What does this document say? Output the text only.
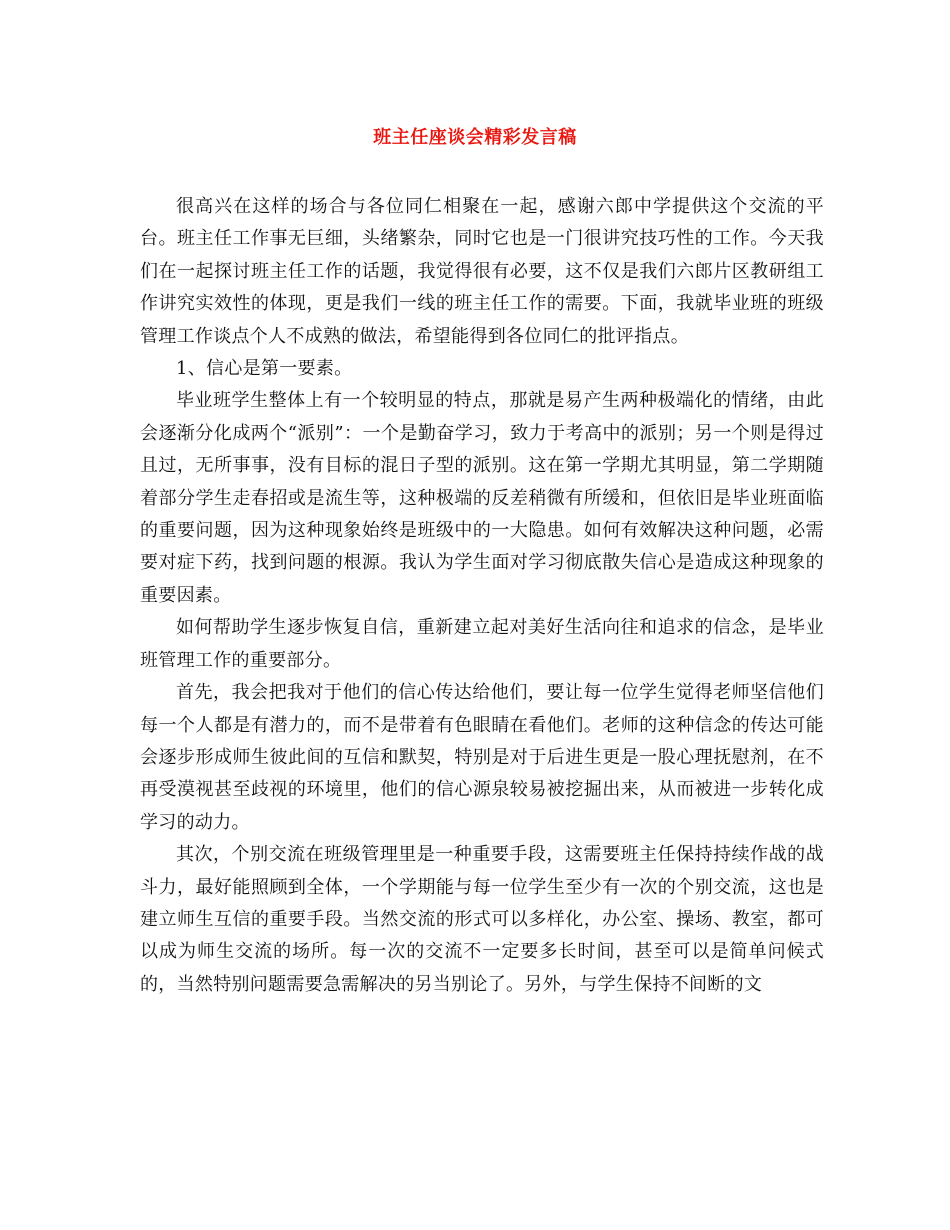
班主任座谈会精彩发言稿

很高兴在这样的场合与各位同仁相聚在一起，感谢六郎中学提供这个交流的平台。班主任工作事无巨细，头绪繁杂，同时它也是一门很讲究技巧性的工作。今天我们在一起探讨班主任工作的话题，我觉得很有必要，这不仅是我们六郎片区教研组工作讲究实效性的体现，更是我们一线的班主任工作的需要。下面，我就毕业班的班级管理工作谈点个人不成熟的做法，希望能得到各位同仁的批评指点。

1、信心是第一要素。

毕业班学生整体上有一个较明显的特点，那就是易产生两种极端化的情绪，由此会逐渐分化成两个“派别”：一个是勤奋学习，致力于考高中的派别；另一个则是得过且过，无所事事，没有目标的混日子型的派别。这在第一学期尤其明显，第二学期随着部分学生走春招或是流生等，这种极端的反差稍微有所缓和，但依旧是毕业班面临的重要问题，因为这种现象始终是班级中的一大隐患。如何有效解决这种问题，必需要对症下药，找到问题的根源。我认为学生面对学习彻底散失信心是造成这种现象的重要因素。

如何帮助学生逐步恢复自信，重新建立起对美好生活向往和追求的信念，是毕业班管理工作的重要部分。

首先，我会把我对于他们的信心传达给他们，要让每一位学生觉得老师坚信他们每一个人都是有潜力的，而不是带着有色眼睛在看他们。老师的这种信念的传达可能会逐步形成师生彼此间的互信和默契，特别是对于后进生更是一股心理抚慰剂，在不再受漠视甚至歧视的环境里，他们的信心源泉较易被挖掘出来，从而被进一步转化成学习的动力。

其次，个别交流在班级管理里是一种重要手段，这需要班主任保持持续作战的战斗力，最好能照顾到全体，一个学期能与每一位学生至少有一次的个别交流，这也是建立师生互信的重要手段。当然交流的形式可以多样化，办公室、操场、教室，都可以成为师生交流的场所。每一次的交流不一定要多长时间，甚至可以是简单问候式的，当然特别问题需要急需解决的另当别论了。另外，与学生保持不间断的文
